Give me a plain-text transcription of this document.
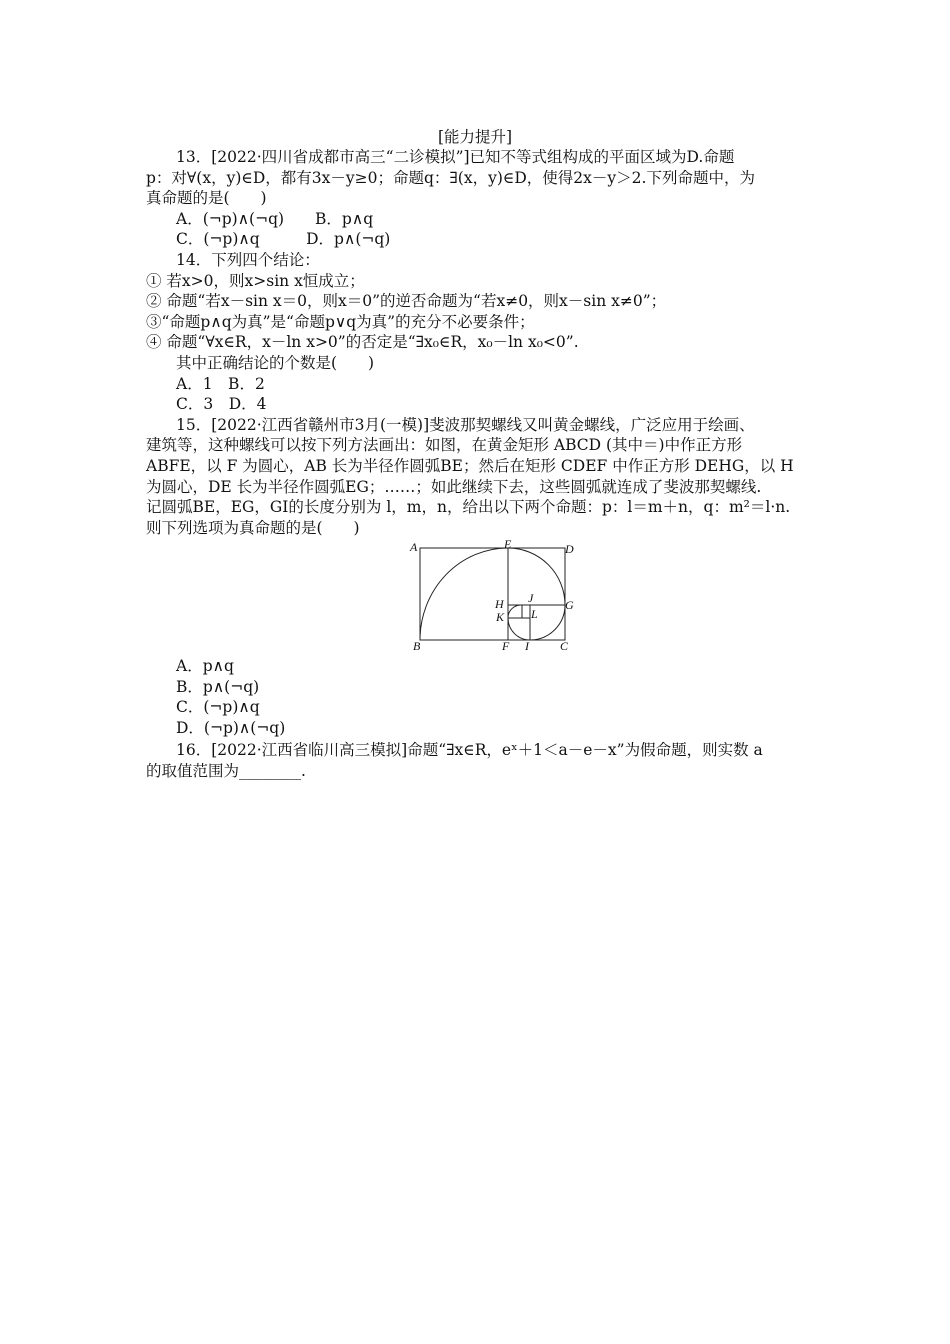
[能力提升]
13．[2022·四川省成都市高三“二诊模拟”]已知不等式组构成的平面区域为D.命题
p：对∀(x，y)∈D，都有3x－y≥0；命题q：∃(x，y)∈D，使得2x－y＞2.下列命题中，为
真命题的是(　　)
A．(¬p)∧(¬q)　　B．p∧q
C．(¬p)∧q　　　D．p∧(¬q)
14．下列四个结论：
① 若x>0，则x>sin x恒成立；
② 命题“若x－sin x＝0，则x＝0”的逆否命题为“若x≠0，则x－sin x≠0”；
③“命题p∧q为真”是“命题p∨q为真”的充分不必要条件；
④ 命题“∀x∈R，x－ln x>0”的否定是“∃x₀∈R，x₀－ln x₀<0”.
其中正确结论的个数是(　　)
A．1　B．2
C．3　D．4
15．[2022·江西省赣州市3月(一模)]斐波那契螺线又叫黄金螺线，广泛应用于绘画、
建筑等，这种螺线可以按下列方法画出：如图，在黄金矩形 ABCD (其中＝)中作正方形
ABFE，以 F 为圆心，AB 长为半径作圆弧BE；然后在矩形 CDEF 中作正方形 DEHG，以 H
为圆心，DE 长为半径作圆弧EG；……；如此继续下去，这些圆弧就连成了斐波那契螺线.
记圆弧BE，EG，GI的长度分别为 l，m，n，给出以下两个命题：p：l＝m＋n，q：m²＝l·n.
则下列选项为真命题的是(　　)
A
B	C
D
E
F
G
H
I
J
K L
A．p∧q
B．p∧(¬q)
C．(¬p)∧q
D．(¬p)∧(¬q)
16．[2022·江西省临川高三模拟]命题“∃x∈R，eˣ＋1＜a－e－x”为假命题，则实数 a
的取值范围为________.
